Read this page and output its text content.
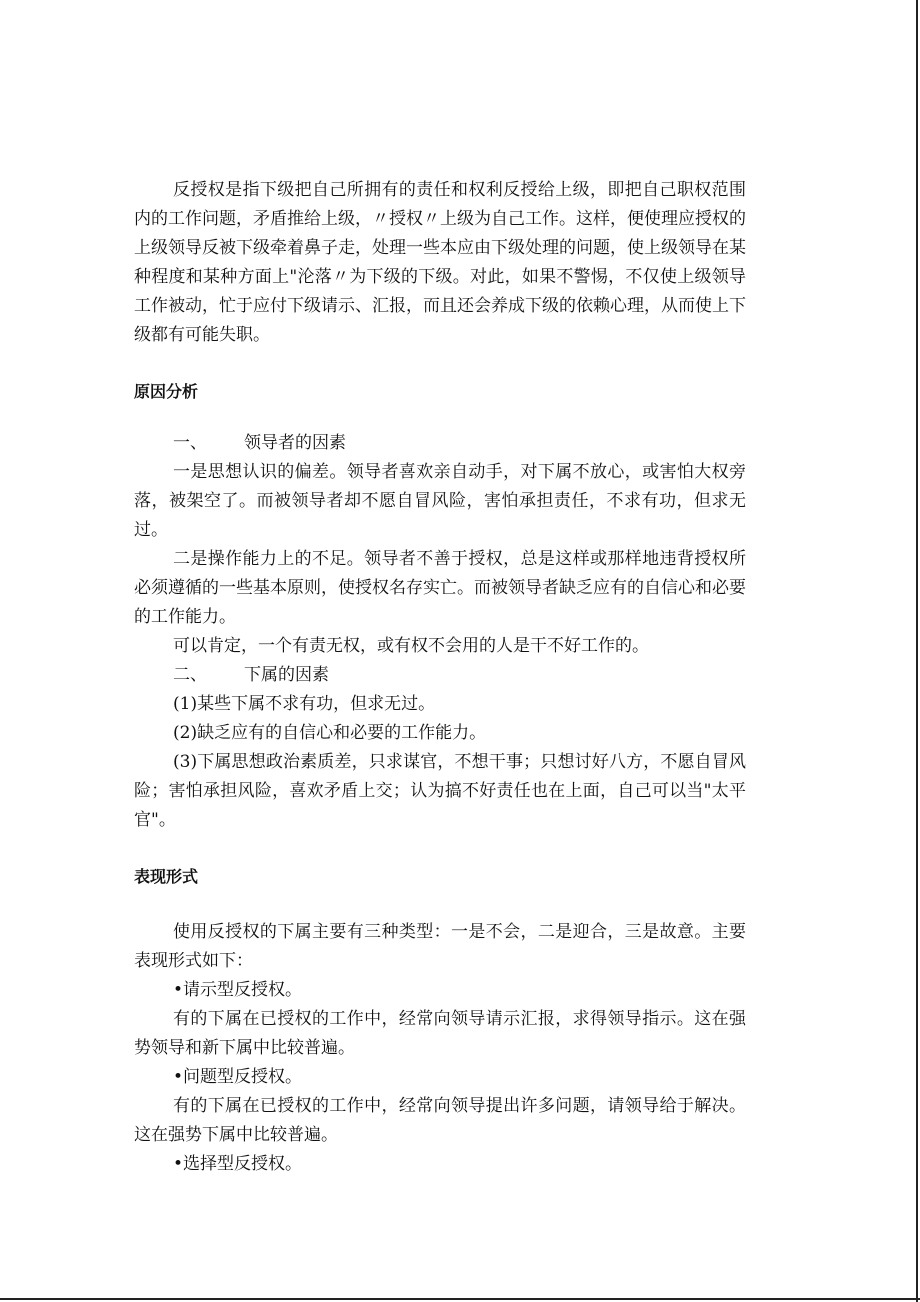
反授权是指下级把自己所拥有的责任和权利反授给上级，即把自己职权范围内的工作问题，矛盾推给上级，〃授权〃上级为自己工作。这样，便使理应授权的上级领导反被下级牵着鼻子走，处理一些本应由下级处理的问题，使上级领导在某种程度和某种方面上"沦落〃为下级的下级。对此，如果不警惕，不仅使上级领导工作被动，忙于应付下级请示、汇报，而且还会养成下级的依赖心理，从而使上下级都有可能失职。

原因分析

一、 领导者的因素

一是思想认识的偏差。领导者喜欢亲自动手，对下属不放心，或害怕大权旁落，被架空了。而被领导者却不愿自冒风险，害怕承担责任，不求有功，但求无过。

二是操作能力上的不足。领导者不善于授权，总是这样或那样地违背授权所必须遵循的一些基本原则，使授权名存实亡。而被领导者缺乏应有的自信心和必要的工作能力。

可以肯定，一个有责无权，或有权不会用的人是干不好工作的。

二、 下属的因素

(1)某些下属不求有功，但求无过。

(2)缺乏应有的自信心和必要的工作能力。

(3)下属思想政治素质差，只求谋官，不想干事；只想讨好八方，不愿自冒风险；害怕承担风险，喜欢矛盾上交；认为搞不好责任也在上面，自己可以当"太平官"。

表现形式

使用反授权的下属主要有三种类型：一是不会，二是迎合，三是故意。主要表现形式如下：

•请示型反授权。

有的下属在已授权的工作中，经常向领导请示汇报，求得领导指示。这在强势领导和新下属中比较普遍。

•问题型反授权。

有的下属在已授权的工作中，经常向领导提出许多问题，请领导给于解决。这在强势下属中比较普遍。

•选择型反授权。
